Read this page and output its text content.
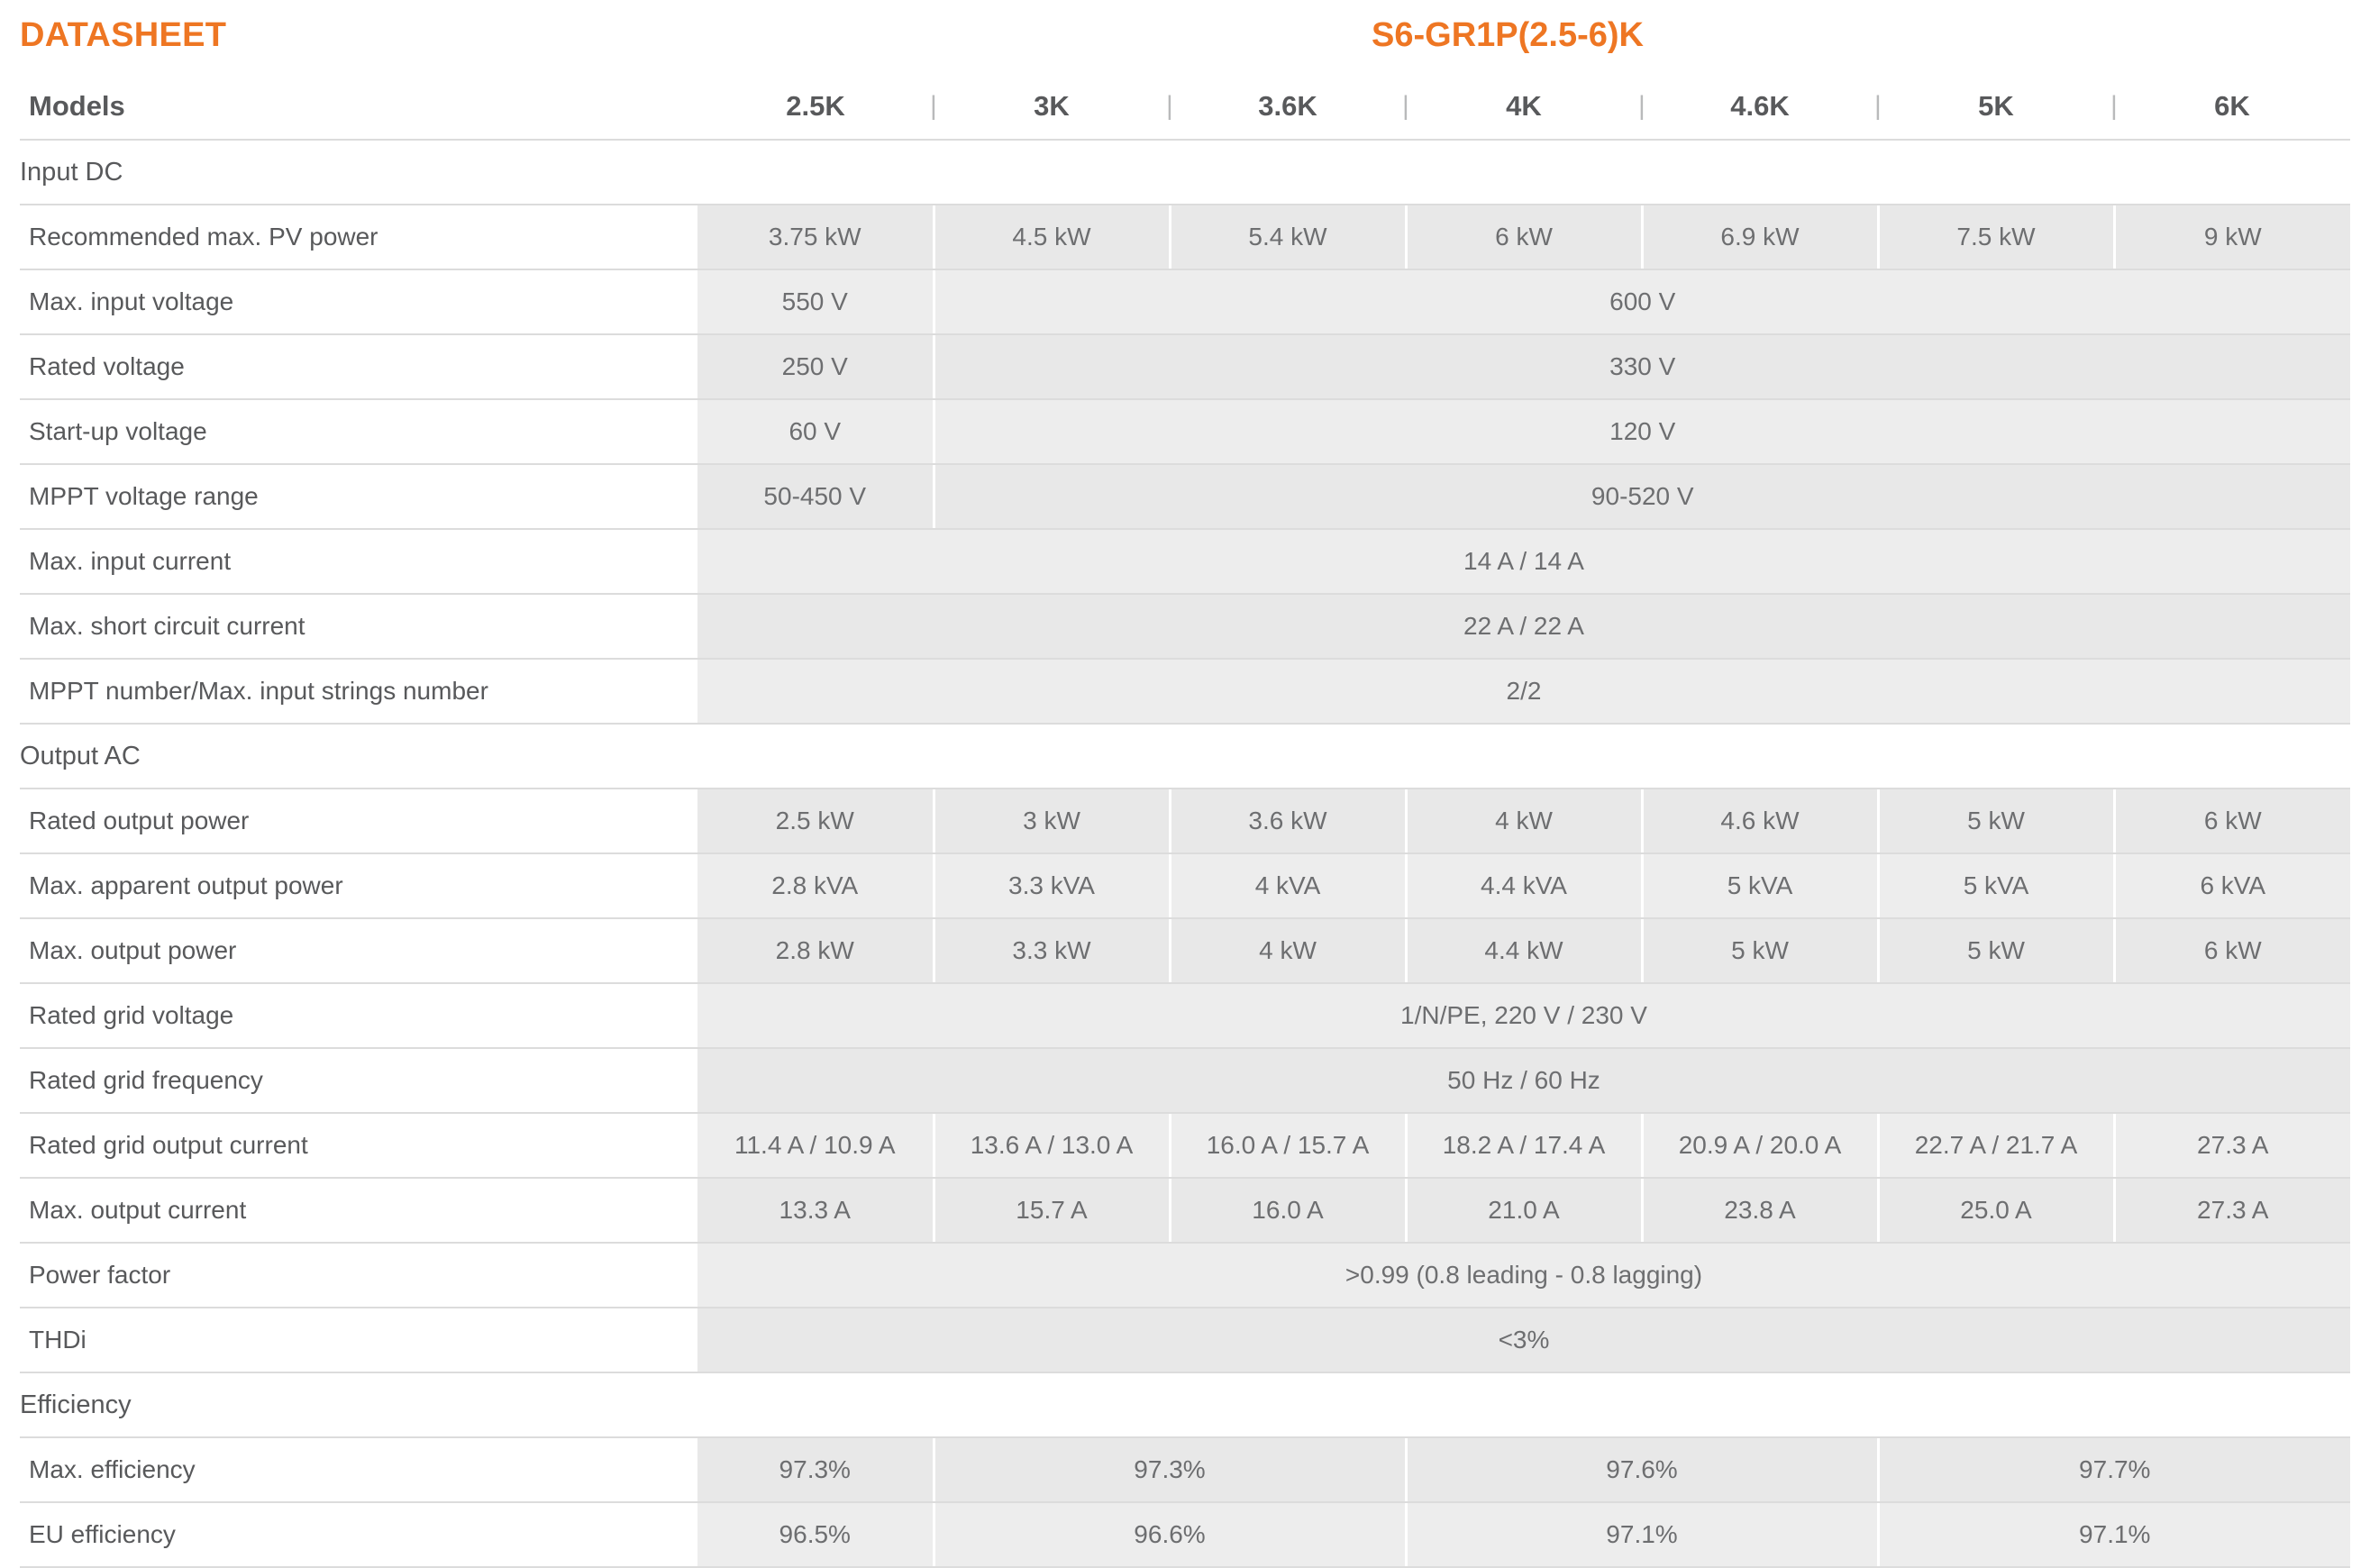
DATASHEET	S6-GR1P(2.5-6)K
Models	2.5K	| 3K	| 3.6K	| 4K	| 4.6K	| 5K	| 6K

Input DC							

Recommended max. PV power	3.75 kW	4.5 kW	5.4 kW	6 kW	6.9 kW	7.5 kW	9 kW

Max. input voltage	550 V	600 V					

Rated voltage	250 V	330 V					

Start-up voltage	60 V	120 V					

MPPT voltage range	50-450 V	90-520 V					

Max. input current	14 A / 14 A						

Max. short circuit current	22 A / 22 A						

MPPT number/Max. input strings number	2/2						

Output AC							

Rated output power	2.5 kW	3 kW	3.6 kW	4 kW	4.6 kW	5 kW	6 kW

Max. apparent output power	2.8 kVA	3.3 kVA	4 kVA	4.4 kVA	5 kVA	5 kVA	6 kVA

Max. output power	2.8 kW	3.3 kW	4 kW	4.4 kW	5 kW	5 kW	6 kW

Rated grid voltage	1/N/PE, 220 V / 230 V						

Rated grid frequency	50 Hz / 60 Hz						

Rated grid output current	11.4 A / 10.9 A	13.6 A / 13.0 A	16.0 A / 15.7 A	18.2 A / 17.4 A	20.9 A / 20.0 A	22.7 A / 21.7 A	27.3 A

Max. output current	13.3 A	15.7 A	16.0 A	21.0 A	23.8 A	25.0 A	27.3 A

Power factor	>0.99 (0.8 leading - 0.8 lagging)						

THDi	<3%						

Efficiency							

Max. efficiency	97.3%	97.3%		97.6%		97.7%	

EU efficiency	96.5%	96.6%		97.1%		97.1%	
